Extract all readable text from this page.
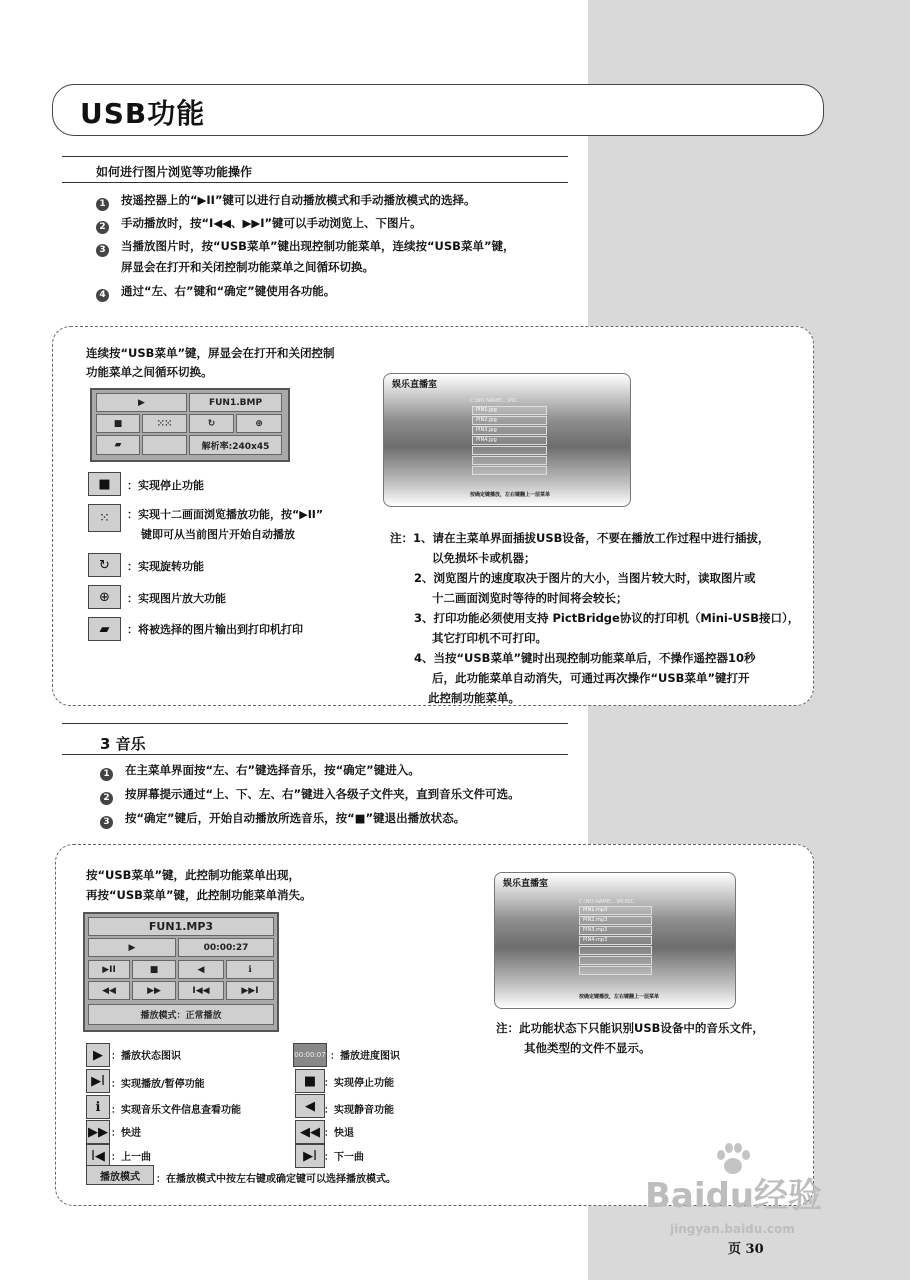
USB功能
如何进行图片浏览等功能操作
1 按遥控器上的“▶II”键可以进行自动播放模式和手动播放模式的选择。
2 手动播放时，按“I◀◀、▶▶I”键可以手动浏览上、下图片。
3 当播放图片时，按“USB菜单”键出现控制功能菜单，连续按“USB菜单”键，
屏显会在打开和关闭控制功能菜单之间循环切换。
4 通过“左、右”键和“确定”键使用各功能。
连续按“USB菜单”键，屏显会在打开和关闭控制
功能菜单之间循环切换。
▶	FUN1.BMP
■	⁙⁙	↻	⊕
▰	解析率:240x45
■	：实现停止功能
⁙	：实现十二画面浏览播放功能，按“▶II”
键即可从当前图片开始自动播放
↻	：实现旋转功能
⊕	：实现图片放大功能
▰	：将被选择的图片输出到打印机打印
娱乐直播室
C:\NO NAME\...\PIC
PIN1.jpg
PIN2.jpg
PIN3.jpg
PIN4.jpg
按确定键播放，左右键翻上一层菜单
注：1、请在主菜单界面插拔USB设备，不要在播放工作过程中进行插拔，
以免损坏卡或机器；
2、浏览图片的速度取决于图片的大小，当图片较大时，读取图片或
十二画面浏览时等待的时间将会较长；
3、打印功能必须使用支持 PictBridge协议的打印机（Mini-USB接口），
其它打印机不可打印。
4、当按“USB菜单”键时出现控制功能菜单后，不操作遥控器10秒
后，此功能菜单自动消失，可通过再次操作“USB菜单”键打开
此控制功能菜单。
3 音乐
1 在主菜单界面按“左、右”键选择音乐，按“确定”键进入。
2 按屏幕提示通过“上、下、左、右”键进入各级子文件夹，直到音乐文件可选。
3 按“确定”键后，开始自动播放所选音乐，按“■”键退出播放状态。
按“USB菜单”键，此控制功能菜单出现，
再按“USB菜单”键，此控制功能菜单消失。
FUN1.MP3
▶	00:00:27
▶II	■	◀	ℹ
◀◀	▶▶	I◀◀	▶▶I
播放模式：正常播放
▶ ：播放状态图识	00:00:07 ：播放进度图识
▶I ：实现播放/暂停功能	■ ：实现停止功能
ℹ	：实现音乐文件信息查看功能	◀ ：实现静音功能
▶▶ ：快进	◀◀ ：快退
I◀ ：上一曲	▶I ：下一曲
播放模式	：在播放模式中按左右键或确定键可以选择播放模式。
娱乐直播室
C:\NO NAME\...\MUSIC
PIN1.mp3
PIN2.mp3
PIN3.mp3
PIN4.mp3
按确定键播放，左右键翻上一层菜单
注：此功能状态下只能识别USB设备中的音乐文件，
其他类型的文件不显示。
Baidu经验
jingyan.baidu.com
页 30
